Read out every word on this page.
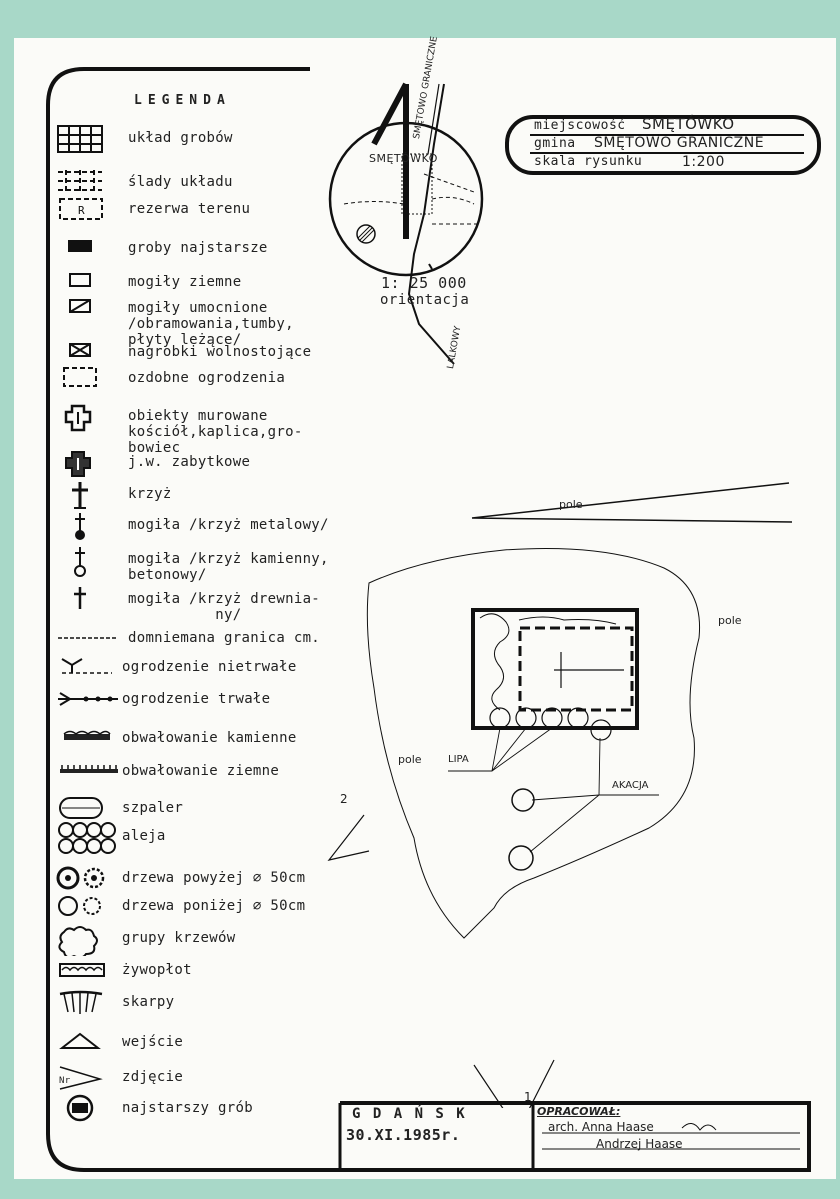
LEGENDA
układ grobów
ślady układu
R	rezerwa terenu
groby najstarsze
mogiły ziemne
mogiły umocnione
/obramowania,tumby,
płyty leżące/
nagrobki wolnostojące
ozdobne ogrodzenia
obiekty murowane
kościół,kaplica,gro-
bowiec
j.w. zabytkowe
krzyż
mogiła /krzyż metalowy/
mogiła /krzyż kamienny,
betonowy/
mogiła /krzyż drewnia-
ny/
domniemana granica cm.
ogrodzenie nietrwałe
ogrodzenie trwałe
obwałowanie kamienne
obwałowanie ziemne
szpaler
aleja
drzewa powyżej ∅ 50cm
drzewa poniżej ∅ 50cm
grupy krzewów
żywopłot
skarpy
wejście
Nr	zdjęcie
najstarszy grób
miejscowość SMĘTÓWKO
gmina SMĘTOWO GRANICZNE
skala rysunku	1:200
SMĘTÓWKO
SMĘTOWO GRANICZNE
LALKOWY
1: 25 000
orientacja
pole
pole
pole	LIPA
AKACJA
2
1
G D A Ń S K
30.XI.1985r.
OPRACOWAŁ:
arch. Anna Haase
Andrzej Haase
